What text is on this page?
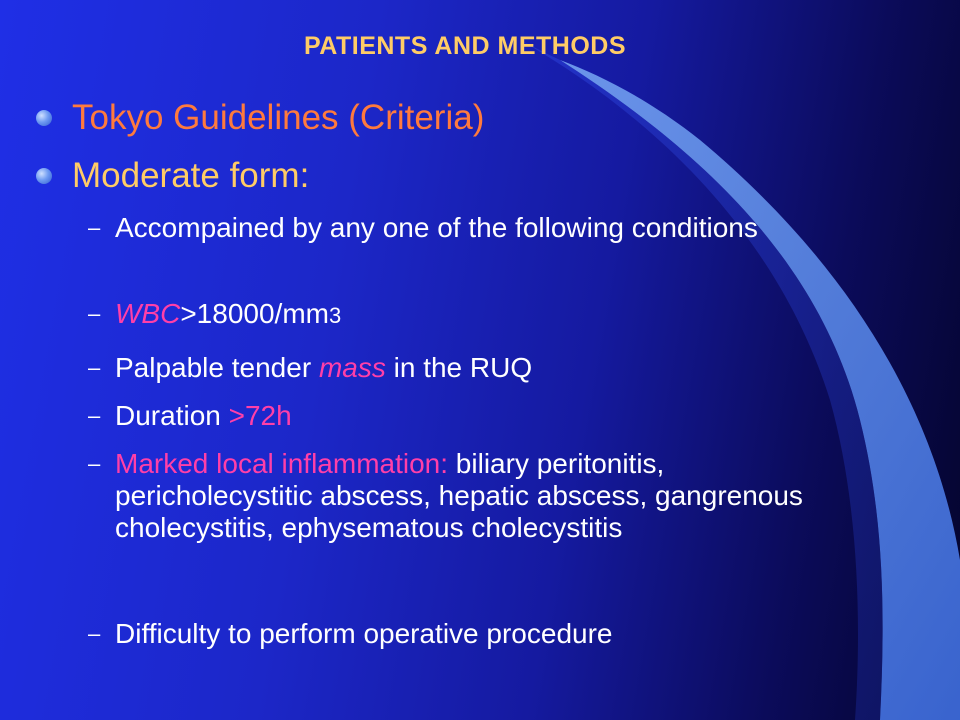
PATIENTS AND METHODS
Tokyo Guidelines (Criteria)
Moderate form:
– Accompained by any one of the following conditions
– WBC>18000/mm3
– Palpable tender mass in the RUQ
– Duration >72h
– Marked local inflammation: biliary peritonitis, pericholecystitic abscess, hepatic abscess, gangrenous cholecystitis, ephysematous cholecystitis
– Difficulty to perform operative procedure
